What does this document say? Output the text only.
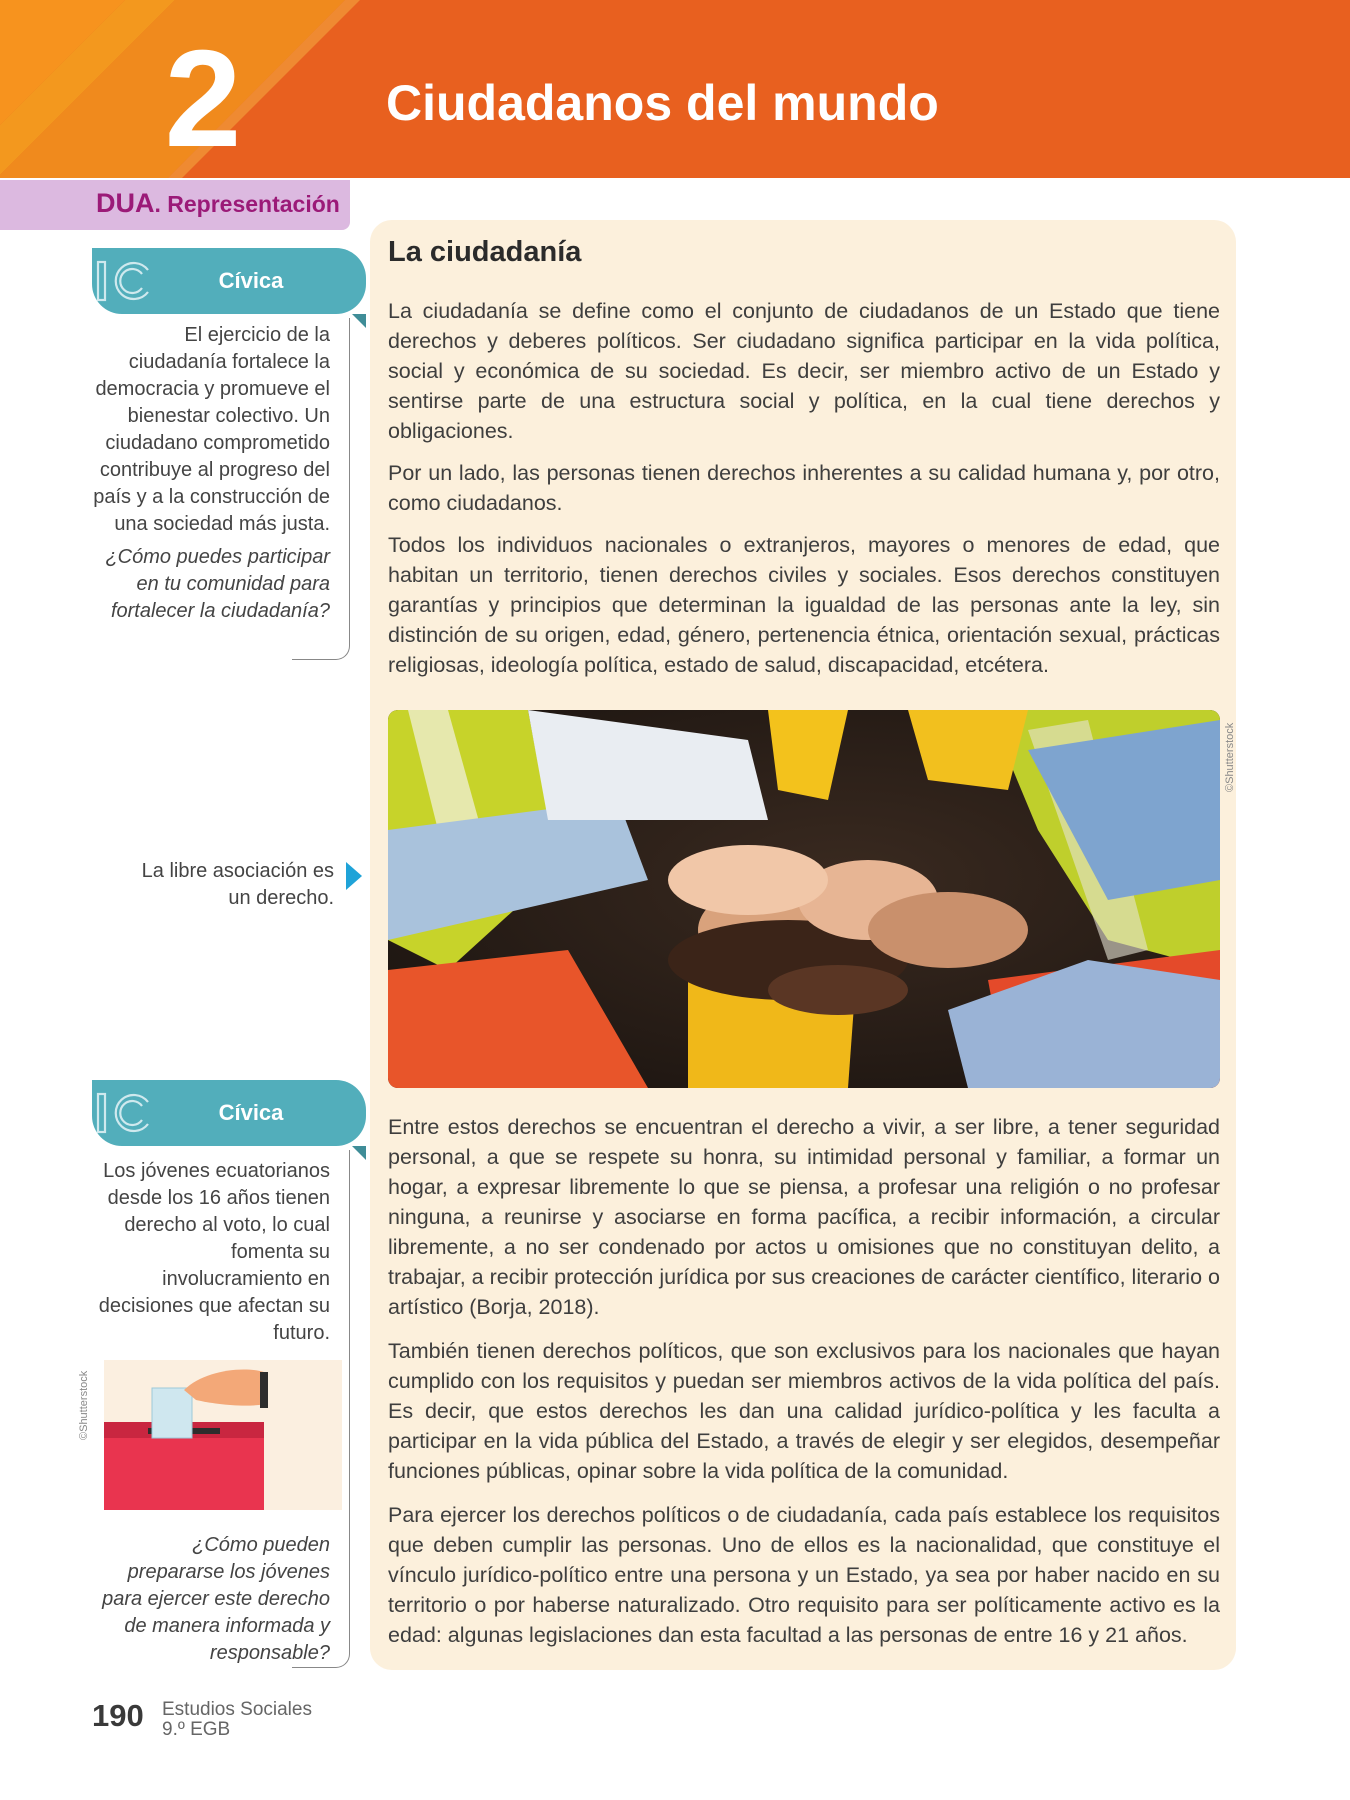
2	Ciudadanos del mundo
DUA. Representación
Cívica

El ejercicio de la ciudadanía fortalece la democracia y promueve el bienestar colectivo. Un ciudadano comprometido contribuye al progreso del país y a la construcción de una sociedad más justa.

¿Cómo puedes participar en tu comunidad para fortalecer la ciudadanía?

La libre asociación es un derecho.
Cívica

Los jóvenes ecuatorianos desde los 16 años tienen derecho al voto, lo cual fomenta su involucramiento en decisiones que afectan su futuro.

¿Cómo pueden prepararse los jóvenes para ejercer este derecho de manera informada y responsable?

©Shutterstock
La ciudadanía

La ciudadanía se define como el conjunto de ciudadanos de un Estado que tiene derechos y deberes políticos. Ser ciudadano significa participar en la vida política, social y económica de su sociedad. Es decir, ser miembro activo de un Estado y sentirse parte de una estructura social y política, en la cual tiene derechos y obligaciones.

Por un lado, las personas tienen derechos inherentes a su calidad humana y, por otro, como ciudadanos.

Todos los individuos nacionales o extranjeros, mayores o menores de edad, que habitan un territorio, tienen derechos civiles y sociales. Esos derechos constituyen garantías y principios que determinan la igualdad de las personas ante la ley, sin distinción de su origen, edad, género, pertenencia étnica, orientación sexual, prácticas religiosas, ideología política, estado de salud, discapacidad, etcétera.

©Shutterstock

Entre estos derechos se encuentran el derecho a vivir, a ser libre, a tener seguridad personal, a que se respete su honra, su intimidad personal y familiar, a formar un hogar, a expresar libremente lo que se piensa, a profesar una religión o no profesar ninguna, a reunirse y asociarse en forma pacífica, a recibir información, a circular libremente, a no ser condenado por actos u omisiones que no constituyan delito, a trabajar, a recibir protección jurídica por sus creaciones de carácter científico, literario o artístico (Borja, 2018).

También tienen derechos políticos, que son exclusivos para los nacionales que hayan cumplido con los requisitos y puedan ser miembros activos de la vida política del país. Es decir, que estos derechos les dan una calidad jurídico-política y les faculta a participar en la vida pública del Estado, a través de elegir y ser elegidos, desempeñar funciones públicas, opinar sobre la vida política de la comunidad.

Para ejercer los derechos políticos o de ciudadanía, cada país establece los requisitos que deben cumplir las personas. Uno de ellos es la nacionalidad, que constituye el vínculo jurídico-político entre una persona y un Estado, ya sea por haber nacido en su territorio o por haberse naturalizado. Otro requisito para ser políticamente activo es la edad: algunas legislaciones dan esta facultad a las personas de entre 16 y 21 años.

190 Estudios Sociales
9.º EGB
